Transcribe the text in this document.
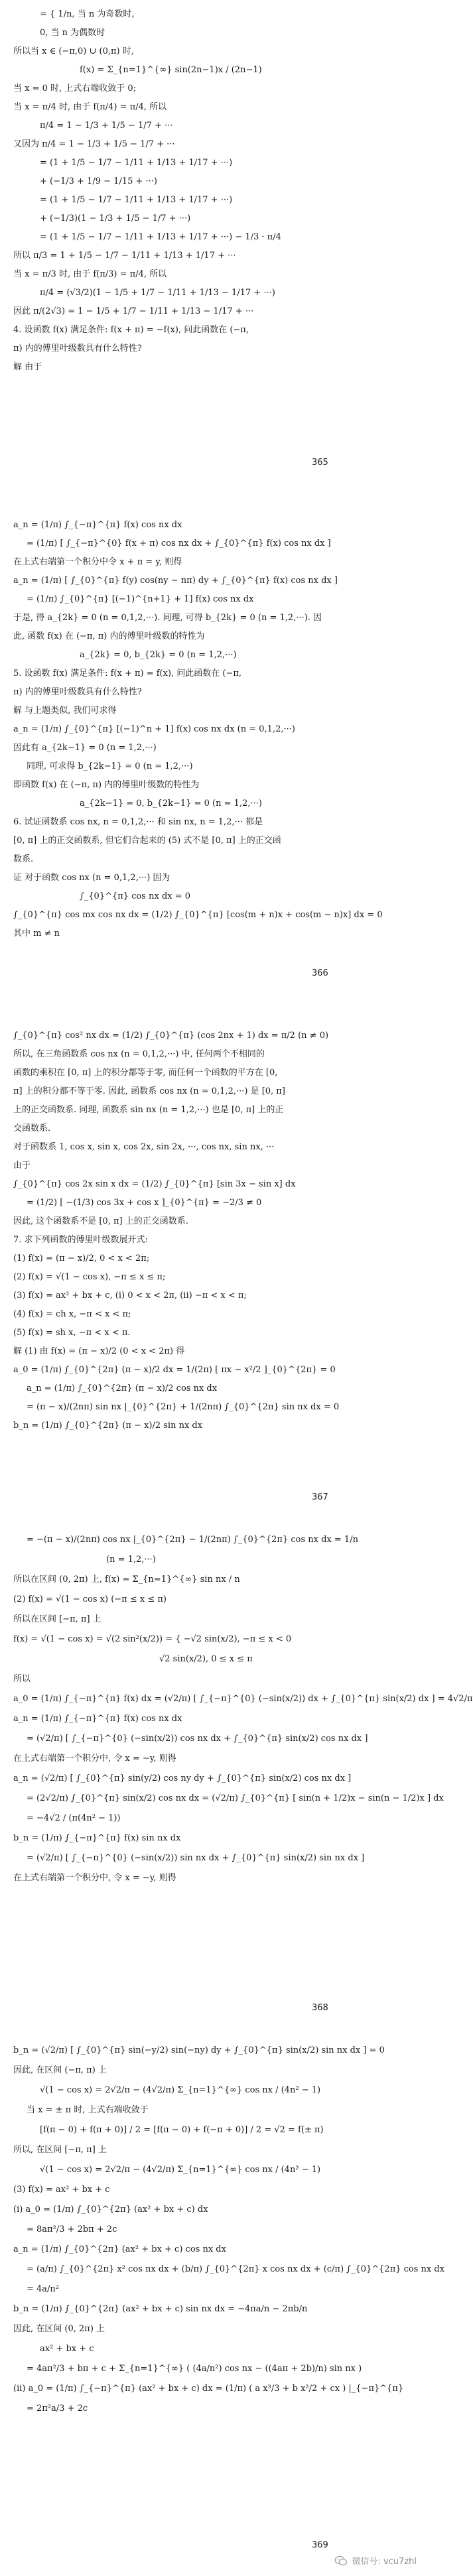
= { 1/n, 当 n 为奇数时,
0, 当 n 为偶数时
所以当 x ∈ (−π,0) ∪ (0,π) 时,
f(x) = Σ_{n=1}^{∞} sin(2n−1)x / (2n−1)
当 x = 0 时, 上式右端收敛于 0;
当 x = π/4 时, 由于 f(π/4) = π/4, 所以
π/4 = 1 − 1/3 + 1/5 − 1/7 + ···
又因为 π/4 = 1 − 1/3 + 1/5 − 1/7 + ···
= (1 + 1/5 − 1/7 − 1/11 + 1/13 + 1/17 + ···)
+ (−1/3 + 1/9 − 1/15 + ···)
= (1 + 1/5 − 1/7 − 1/11 + 1/13 + 1/17 + ···)
+ (−1/3)(1 − 1/3 + 1/5 − 1/7 + ···)
= (1 + 1/5 − 1/7 − 1/11 + 1/13 + 1/17 + ···) − 1/3 · π/4
所以 π/3 = 1 + 1/5 − 1/7 − 1/11 + 1/13 + 1/17 + ···
当 x = π/3 时, 由于 f(π/3) = π/4, 所以
π/4 = (√3/2)(1 − 1/5 + 1/7 − 1/11 + 1/13 − 1/17 + ···)
因此 π/(2√3) = 1 − 1/5 + 1/7 − 1/11 + 1/13 − 1/17 + ···
4. 设函数 f(x) 满足条件: f(x + π) = −f(x), 问此函数在 (−π,
π) 内的傅里叶级数具有什么特性?
解 由于
365
a_n = (1/π) ∫_{−π}^{π} f(x) cos nx dx
= (1/π) [ ∫_{−π}^{0} f(x + π) cos nx dx + ∫_{0}^{π} f(x) cos nx dx ]
在上式右端第一个积分中令 x + π = y, 则得
a_n = (1/π) [ ∫_{0}^{π} f(y) cos(ny − nπ) dy + ∫_{0}^{π} f(x) cos nx dx ]
= (1/π) ∫_{0}^{π} [(−1)^{n+1} + 1] f(x) cos nx dx
于是, 得 a_{2k} = 0 (n = 0,1,2,···). 同理, 可得 b_{2k} = 0 (n = 1,2,···). 因
此, 函数 f(x) 在 (−π, π) 内的傅里叶级数的特性为
a_{2k} = 0, b_{2k} = 0 (n = 1,2,···)
5. 设函数 f(x) 满足条件: f(x + π) = f(x), 问此函数在 (−π,
π) 内的傅里叶级数具有什么特性?
解 与上题类似, 我们可求得
a_n = (1/π) ∫_{0}^{π} [(−1)^n + 1] f(x) cos nx dx (n = 0,1,2,···)
因此有 a_{2k−1} = 0 (n = 1,2,···)
同理, 可求得 b_{2k−1} = 0 (n = 1,2,···)
即函数 f(x) 在 (−π, π) 内的傅里叶级数的特性为
a_{2k−1} = 0, b_{2k−1} = 0 (n = 1,2,···)
6. 试证函数系 cos nx, n = 0,1,2,··· 和 sin nx, n = 1,2,··· 都是
[0, π] 上的正交函数系, 但它们合起来的 (5) 式不是 [0, π] 上的正交函
数系.
证 对于函数 cos nx (n = 0,1,2,···) 因为
∫_{0}^{π} cos nx dx = 0
∫_{0}^{π} cos mx cos nx dx = (1/2) ∫_{0}^{π} [cos(m + n)x + cos(m − n)x] dx = 0
其中 m ≠ n
366
∫_{0}^{π} cos² nx dx = (1/2) ∫_{0}^{π} (cos 2nx + 1) dx = π/2 (n ≠ 0)
所以, 在三角函数系 cos nx (n = 0,1,2,···) 中, 任何两个不相同的
函数的乘积在 [0, π] 上的积分都等于零, 而任何一个函数的平方在 [0,
π] 上的积分都不等于零. 因此, 函数系 cos nx (n = 0,1,2,···) 是 [0, π]
上的正交函数系. 同理, 函数系 sin nx (n = 1,2,···) 也是 [0, π] 上的正
交函数系.
对于函数系 1, cos x, sin x, cos 2x, sin 2x, ···, cos nx, sin nx, ···
由于
∫_{0}^{π} cos 2x sin x dx = (1/2) ∫_{0}^{π} [sin 3x − sin x] dx
= (1/2) [ −(1/3) cos 3x + cos x ]_{0}^{π} = −2/3 ≠ 0
因此, 这个函数系不是 [0, π] 上的正交函数系.
7. 求下列函数的傅里叶级数展开式:
(1) f(x) = (π − x)/2, 0 < x < 2π;
(2) f(x) = √(1 − cos x), −π ≤ x ≤ π;
(3) f(x) = ax² + bx + c, (i) 0 < x < 2π, (ii) −π < x < π;
(4) f(x) = ch x, −π < x < π;
(5) f(x) = sh x, −π < x < π.
解 (1) 由 f(x) = (π − x)/2 (0 < x < 2π) 得
a_0 = (1/π) ∫_{0}^{2π} (π − x)/2 dx = 1/(2π) [ πx − x²/2 ]_{0}^{2π} = 0
a_n = (1/π) ∫_{0}^{2π} (π − x)/2 cos nx dx
= (π − x)/(2nπ) sin nx |_{0}^{2π} + 1/(2nπ) ∫_{0}^{2π} sin nx dx = 0
b_n = (1/π) ∫_{0}^{2π} (π − x)/2 sin nx dx
367
= −(π − x)/(2nπ) cos nx |_{0}^{2π} − 1/(2nπ) ∫_{0}^{2π} cos nx dx = 1/n
(n = 1,2,···)
所以在区间 (0, 2π) 上, f(x) = Σ_{n=1}^{∞} sin nx / n
(2) f(x) = √(1 − cos x) (−π ≤ x ≤ π)
所以在区间 [−π, π] 上
f(x) = √(1 − cos x) = √(2 sin²(x/2)) = { −√2 sin(x/2), −π ≤ x < 0
√2 sin(x/2), 0 ≤ x ≤ π
所以
a_0 = (1/π) ∫_{−π}^{π} f(x) dx = (√2/π) [ ∫_{−π}^{0} (−sin(x/2)) dx + ∫_{0}^{π} sin(x/2) dx ] = 4√2/π
a_n = (1/π) ∫_{−π}^{π} f(x) cos nx dx
= (√2/π) [ ∫_{−π}^{0} (−sin(x/2)) cos nx dx + ∫_{0}^{π} sin(x/2) cos nx dx ]
在上式右端第一个积分中, 令 x = −y, 则得
a_n = (√2/π) [ ∫_{0}^{π} sin(y/2) cos ny dy + ∫_{0}^{π} sin(x/2) cos nx dx ]
= (2√2/π) ∫_{0}^{π} sin(x/2) cos nx dx = (√2/π) ∫_{0}^{π} [ sin(n + 1/2)x − sin(n − 1/2)x ] dx
= −4√2 / (π(4n² − 1))
b_n = (1/π) ∫_{−π}^{π} f(x) sin nx dx
= (√2/π) [ ∫_{−π}^{0} (−sin(x/2)) sin nx dx + ∫_{0}^{π} sin(x/2) sin nx dx ]
在上式右端第一个积分中, 令 x = −y, 则得
368
b_n = (√2/π) [ ∫_{0}^{π} sin(−y/2) sin(−ny) dy + ∫_{0}^{π} sin(x/2) sin nx dx ] = 0
因此, 在区间 (−π, π) 上
√(1 − cos x) = 2√2/π − (4√2/π) Σ_{n=1}^{∞} cos nx / (4n² − 1)
当 x = ± π 时, 上式右端收敛于
[f(π − 0) + f(π + 0)] / 2 = [f(π − 0) + f(−π + 0)] / 2 = √2 = f(± π)
所以, 在区间 [−π, π] 上
√(1 − cos x) = 2√2/π − (4√2/π) Σ_{n=1}^{∞} cos nx / (4n² − 1)
(3) f(x) = ax² + bx + c
(i) a_0 = (1/π) ∫_{0}^{2π} (ax² + bx + c) dx
= 8aπ²/3 + 2bπ + 2c
a_n = (1/π) ∫_{0}^{2π} (ax² + bx + c) cos nx dx
= (a/π) ∫_{0}^{2π} x² cos nx dx + (b/π) ∫_{0}^{2π} x cos nx dx + (c/π) ∫_{0}^{2π} cos nx dx
= 4a/n²
b_n = (1/π) ∫_{0}^{2π} (ax² + bx + c) sin nx dx = −4πa/n − 2πb/n
因此, 在区间 (0, 2π) 上
ax² + bx + c
= 4aπ²/3 + bπ + c + Σ_{n=1}^{∞} ( (4a/n²) cos nx − ((4aπ + 2b)/n) sin nx )
(ii) a_0 = (1/π) ∫_{−π}^{π} (ax² + bx + c) dx = (1/π) ( a x³/3 + b x²/2 + cx ) |_{−π}^{π}
= 2π²a/3 + 2c
369
微信号: vcu7zhl
